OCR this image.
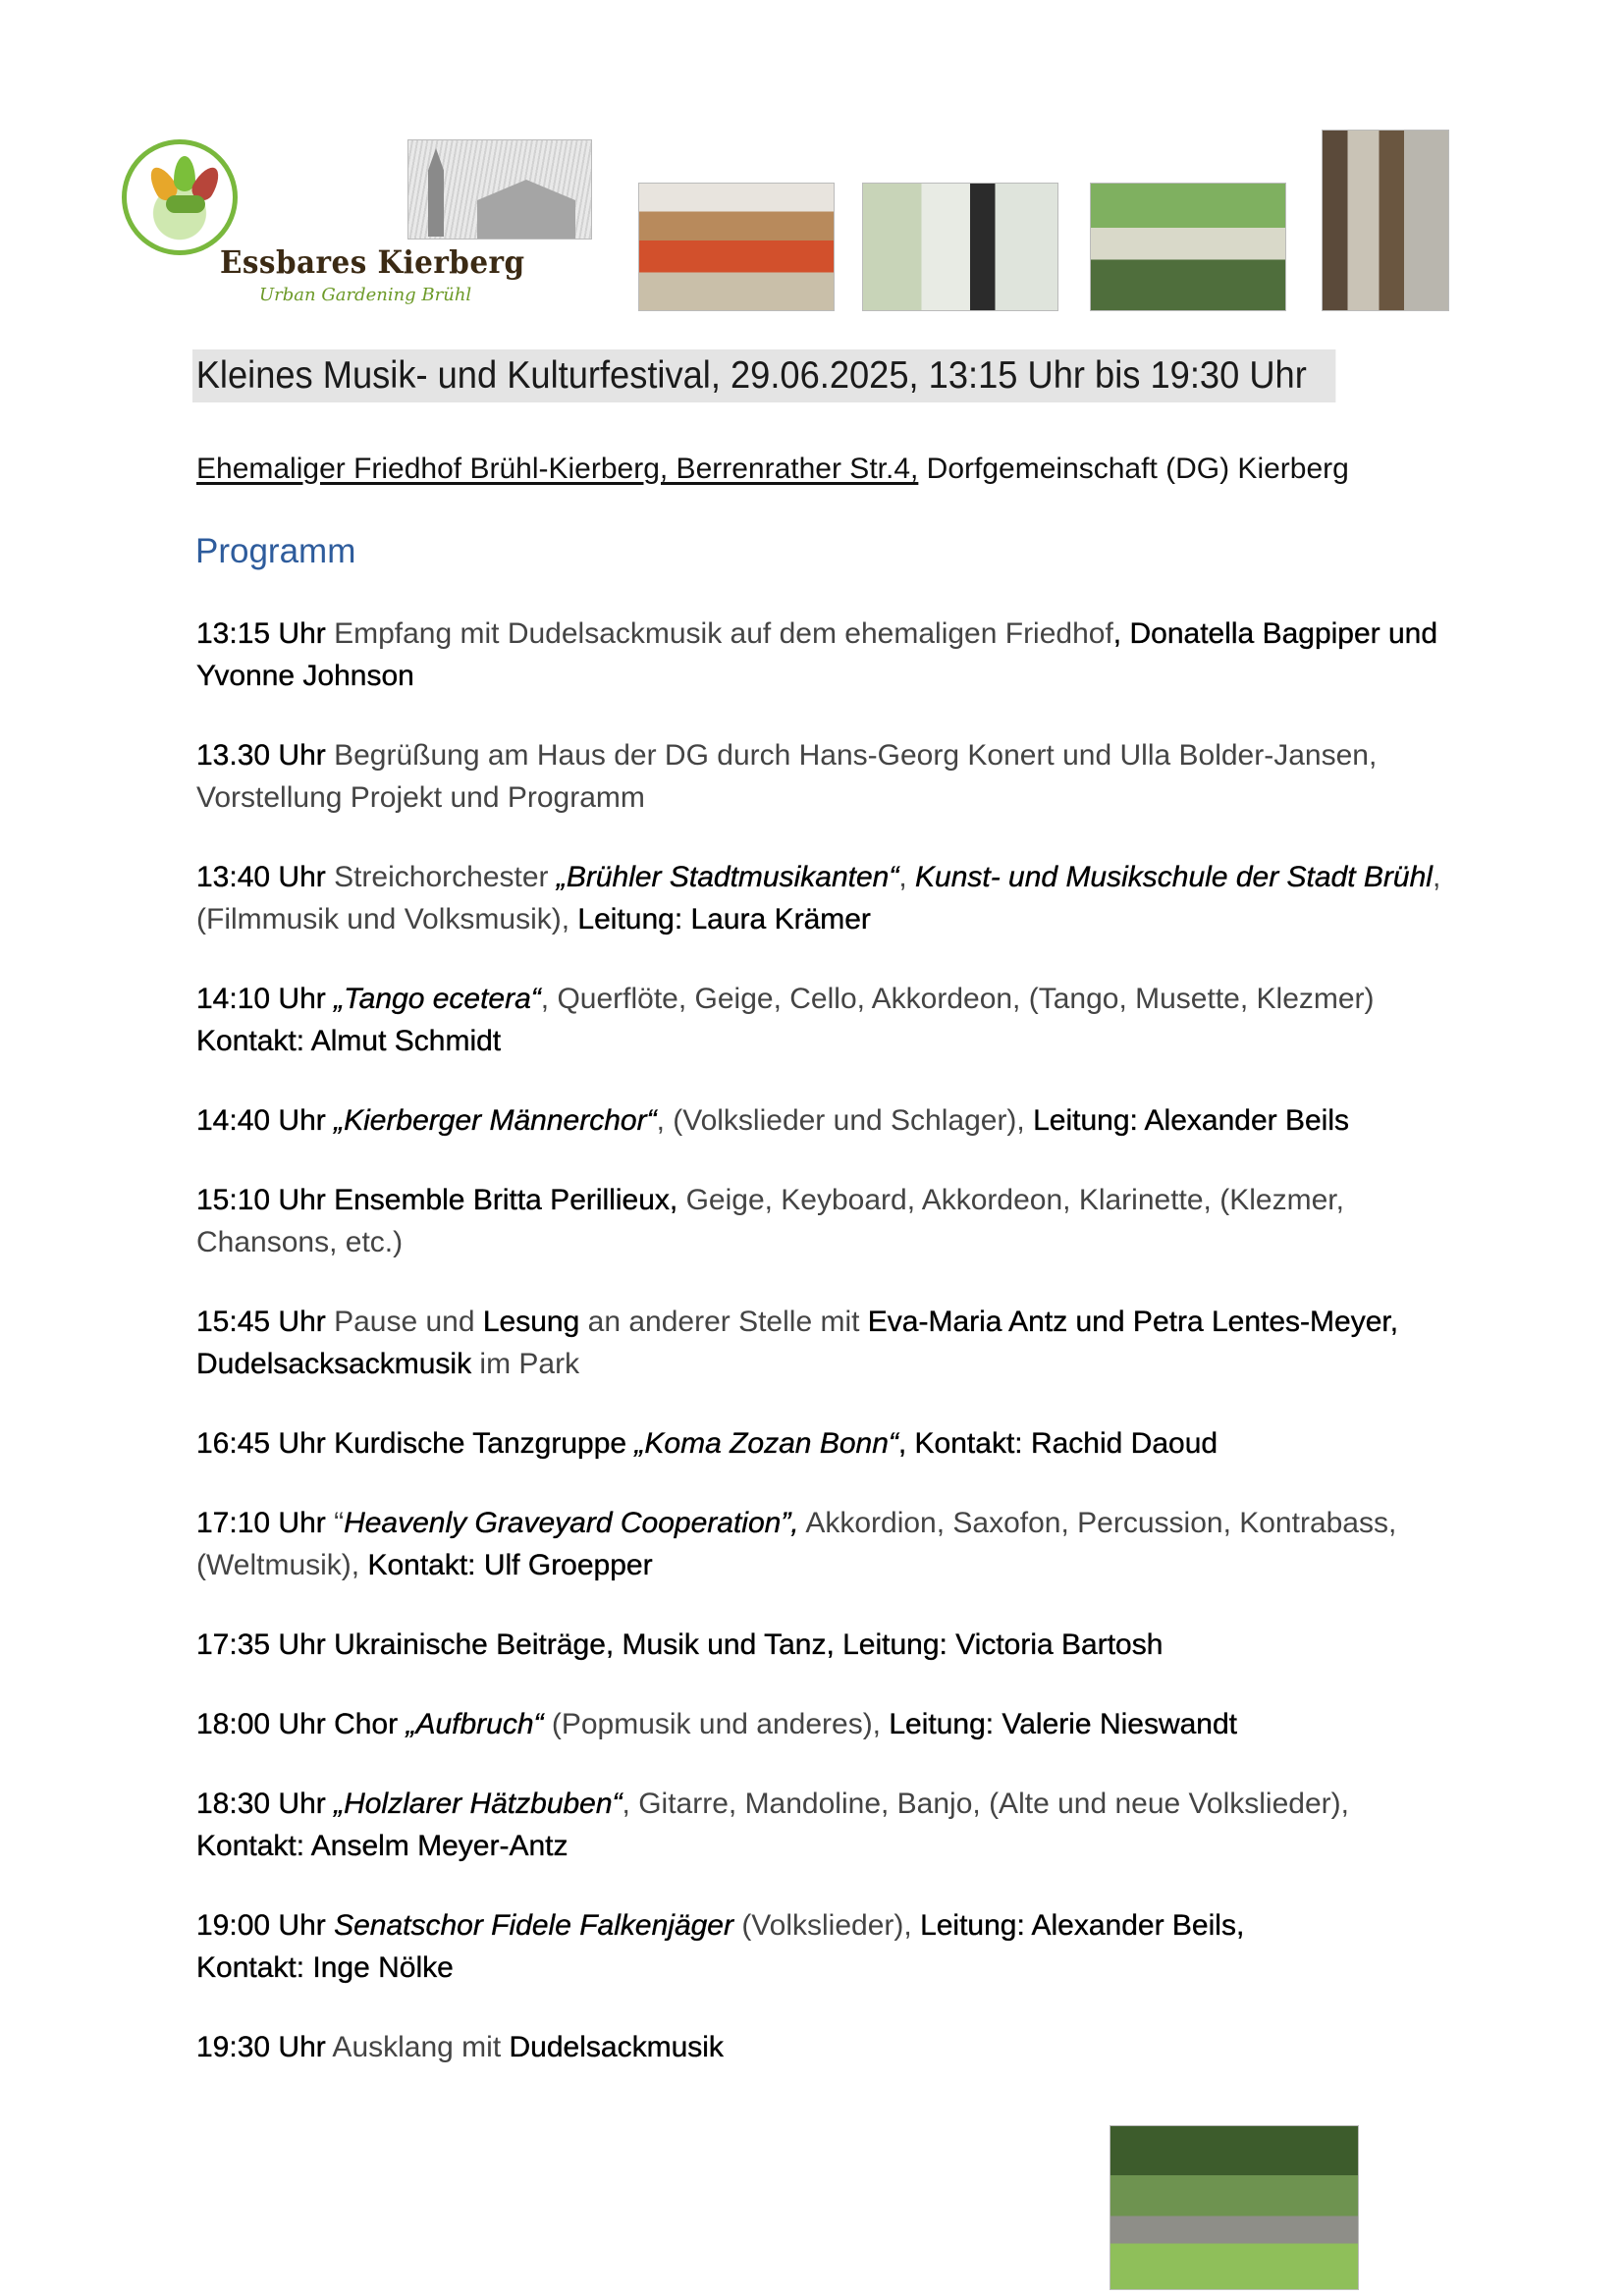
Essbares Kierberg
Urban Gardening Brühl
Kleines Musik- und Kulturfestival, 29.06.2025, 13:15 Uhr bis 19:30 Uhr
Ehemaliger Friedhof Brühl-Kierberg, Berrenrather Str.4, Dorfgemeinschaft (DG) Kierberg
Programm
13:15 Uhr Empfang mit Dudelsackmusik auf dem ehemaligen Friedhof, Donatella Bagpiper und Yvonne Johnson
13.30 Uhr Begrüßung am Haus der DG durch Hans-Georg Konert und Ulla Bolder-Jansen, Vorstellung Projekt und Programm
13:40 Uhr Streichorchester „Brühler Stadtmusikanten“, Kunst- und Musikschule der Stadt Brühl, (Filmmusik und Volksmusik), Leitung: Laura Krämer
14:10 Uhr „Tango ecetera“, Querflöte, Geige, Cello, Akkordeon, (Tango, Musette, Klezmer)
Kontakt: Almut Schmidt
14:40 Uhr „Kierberger Männerchor“, (Volkslieder und Schlager), Leitung: Alexander Beils
15:10 Uhr Ensemble Britta Perillieux, Geige, Keyboard, Akkordeon, Klarinette, (Klezmer, Chansons, etc.)
15:45 Uhr Pause und Lesung an anderer Stelle mit Eva-Maria Antz und Petra Lentes-Meyer, Dudelsacksackmusik im Park
16:45 Uhr Kurdische Tanzgruppe „Koma Zozan Bonn“, Kontakt: Rachid Daoud
17:10 Uhr “Heavenly Graveyard Cooperation”, Akkordion, Saxofon, Percussion, Kontrabass, (Weltmusik), Kontakt: Ulf Groepper
17:35 Uhr Ukrainische Beiträge, Musik und Tanz, Leitung: Victoria Bartosh
18:00 Uhr Chor „Aufbruch“ (Popmusik und anderes), Leitung: Valerie Nieswandt
18:30 Uhr „Holzlarer Hätzbuben“, Gitarre, Mandoline, Banjo, (Alte und neue Volkslieder),
Kontakt: Anselm Meyer-Antz
19:00 Uhr Senatschor Fidele Falkenjäger (Volkslieder), Leitung: Alexander Beils,
Kontakt: Inge Nölke
19:30 Uhr Ausklang mit Dudelsackmusik
